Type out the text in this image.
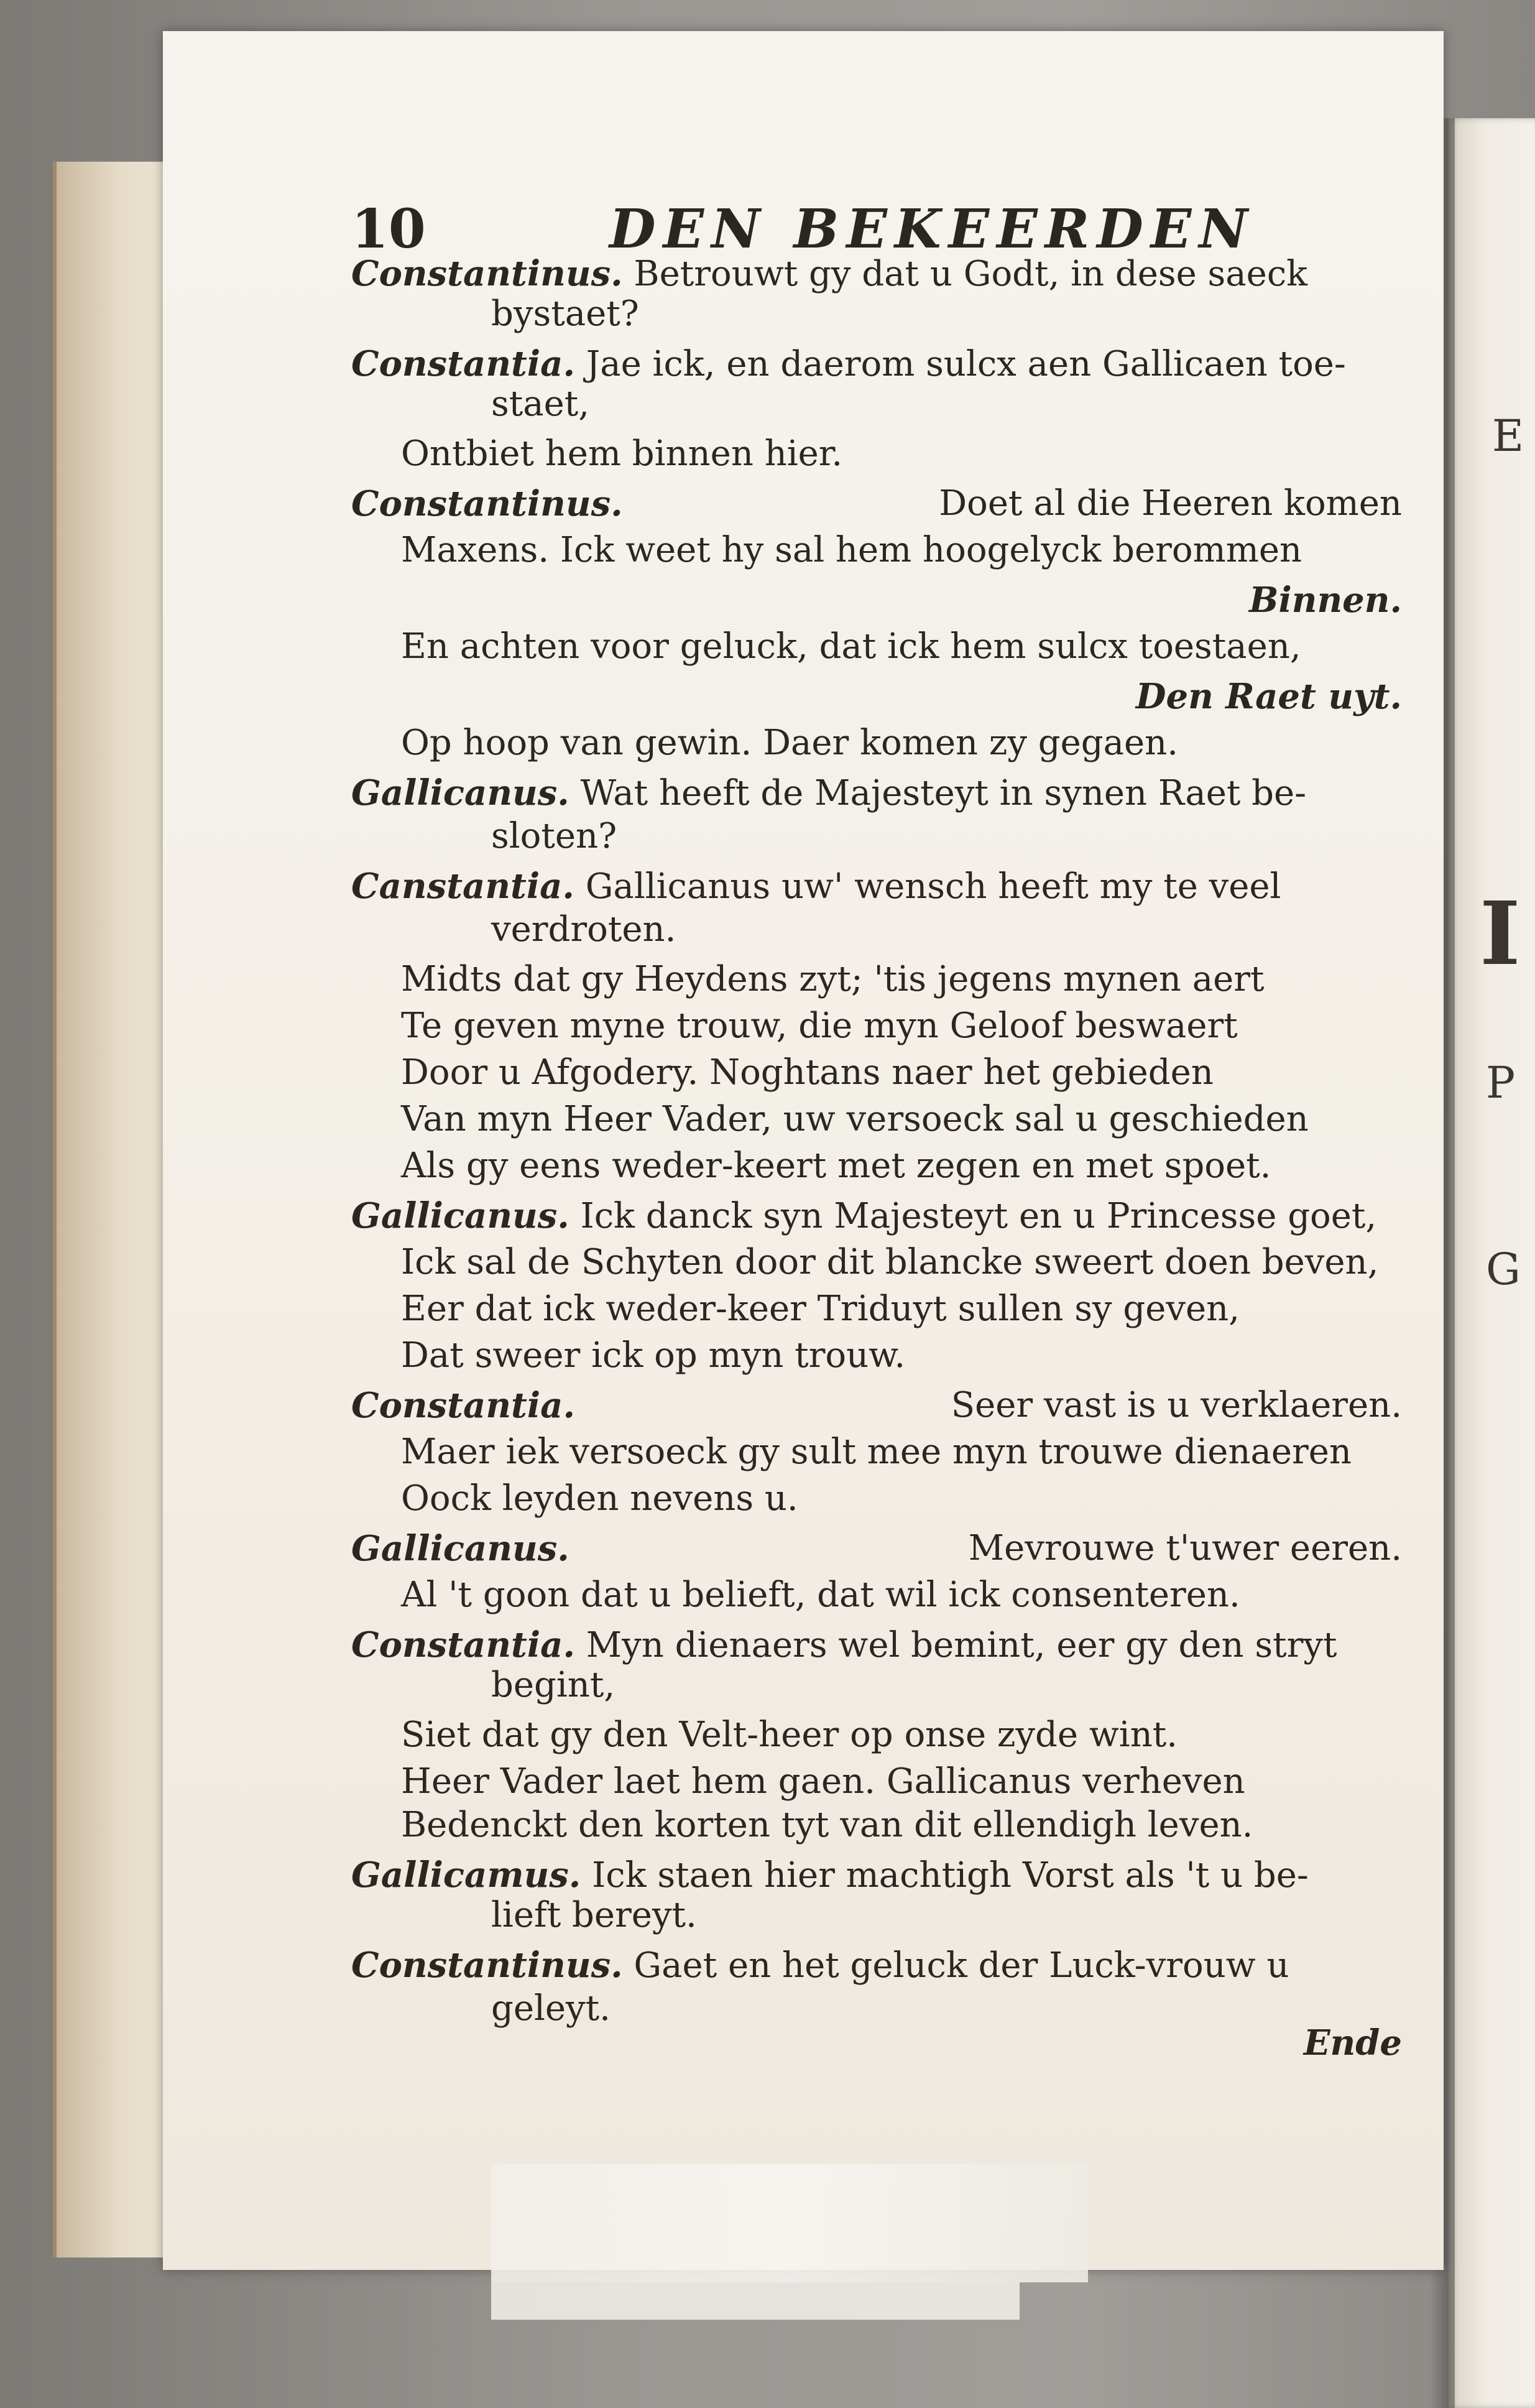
E
I
P
G
10	DEN BEKEERDEN
Constantinus. Betrouwt gy dat u Godt, in dese saeck
bystaet?
Constantia. Jae ick, en daerom sulcx aen Gallicaen toe-
staet,
Ontbiet hem binnen hier.
Constantinus.	Doet al die Heeren komen
Maxens. Ick weet hy sal hem hoogelyck berommen
Binnen.
En achten voor geluck, dat ick hem sulcx toestaen,
Den Raet uyt.
Op hoop van gewin. Daer komen zy gegaen.
Gallicanus. Wat heeft de Majesteyt in synen Raet be-
sloten?
Canstantia. Gallicanus uw' wensch heeft my te veel
verdroten.
Midts dat gy Heydens zyt; 'tis jegens mynen aert
Te geven myne trouw, die myn Geloof beswaert
Door u Afgodery. Noghtans naer het gebieden
Van myn Heer Vader, uw versoeck sal u geschieden
Als gy eens weder-keert met zegen en met spoet.
Gallicanus. Ick danck syn Majesteyt en u Princesse goet,
Ick sal de Schyten door dit blancke sweert doen beven,
Eer dat ick weder-keer Triduyt sullen sy geven,
Dat sweer ick op myn trouw.
Constantia.	Seer vast is u verklaeren.
Maer iek versoeck gy sult mee myn trouwe dienaeren
Oock leyden nevens u.
Gallicanus.	Mevrouwe t'uwer eeren.
Al 't goon dat u belieft, dat wil ick consenteren.
Constantia. Myn dienaers wel bemint, eer gy den stryt
begint,
Siet dat gy den Velt-heer op onse zyde wint.
Heer Vader laet hem gaen. Gallicanus verheven
Bedenckt den korten tyt van dit ellendigh leven.
Gallicamus. Ick staen hier machtigh Vorst als 't u be-
lieft bereyt.
Constantinus. Gaet en het geluck der Luck-vrouw u
geleyt.
Ende
